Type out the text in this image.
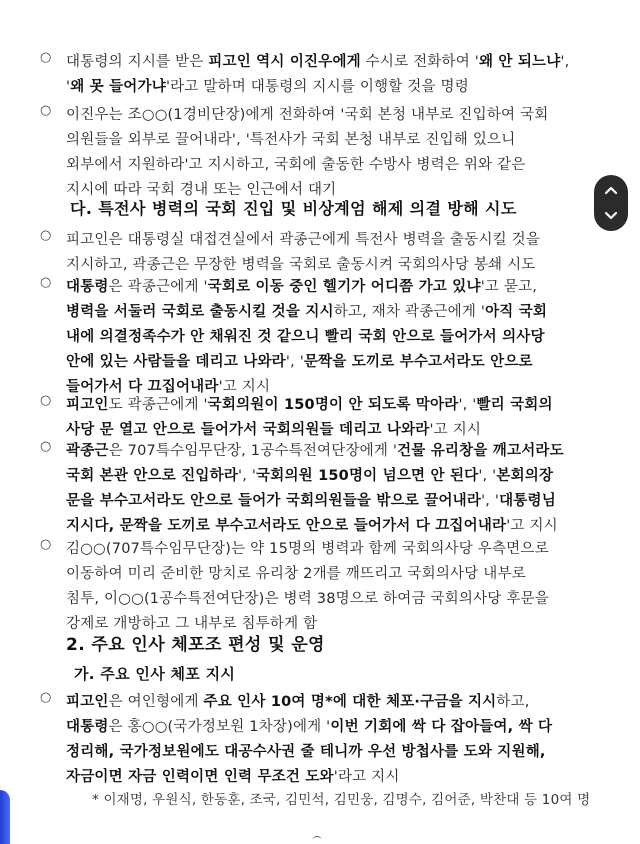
○ 대통령의 지시를 받은 피고인 역시 이진우에게 수시로 전화하여 '왜 안 되느냐',
'왜 못 들어가냐'라고 말하며 대통령의 지시를 이행할 것을 명령
○ 이진우는 조○○(1경비단장)에게 전화하여 '국회 본청 내부로 진입하여 국회
의원들을 외부로 끌어내라', '특전사가 국회 본청 내부로 진입해 있으니
외부에서 지원하라'고 지시하고, 국회에 출동한 수방사 병력은 위와 같은
지시에 따라 국회 경내 또는 인근에서 대기
다. 특전사 병력의 국회 진입 및 비상계엄 해제 의결 방해 시도
○ 피고인은 대통령실 대접견실에서 곽종근에게 특전사 병력을 출동시킬 것을
지시하고, 곽종근은 무장한 병력을 국회로 출동시켜 국회의사당 봉쇄 시도
○ 대통령은 곽종근에게 '국회로 이동 중인 헬기가 어디쯤 가고 있냐'고 묻고,
병력을 서둘러 국회로 출동시킬 것을 지시하고, 재차 곽종근에게 '아직 국회
내에 의결정족수가 안 채워진 것 같으니 빨리 국회 안으로 들어가서 의사당
안에 있는 사람들을 데리고 나와라', '문짝을 도끼로 부수고서라도 안으로
들어가서 다 끄집어내라'고 지시
○ 피고인도 곽종근에게 '국회의원이 150명이 안 되도록 막아라', '빨리 국회의
사당 문 열고 안으로 들어가서 국회의원들 데리고 나와라'고 지시
○ 곽종근은 707특수임무단장, 1공수특전여단장에게 '건물 유리창을 깨고서라도
국회 본관 안으로 진입하라', '국회의원 150명이 넘으면 안 된다', '본회의장
문을 부수고서라도 안으로 들어가 국회의원들을 밖으로 끌어내라', '대통령님
지시다, 문짝을 도끼로 부수고서라도 안으로 들어가서 다 끄집어내라'고 지시
○ 김○○(707특수임무단장)는 약 15명의 병력과 함께 국회의사당 우측면으로
이동하여 미리 준비한 망치로 유리창 2개를 깨뜨리고 국회의사당 내부로
침투, 이○○(1공수특전여단장)은 병력 38명으로 하여금 국회의사당 후문을
강제로 개방하고 그 내부로 침투하게 함
2. 주요 인사 체포조 편성 및 운영
가. 주요 인사 체포 지시
○ 피고인은 여인형에게 주요 인사 10여 명*에 대한 체포·구금을 지시하고,
대통령은 홍○○(국가정보원 1차장)에게 '이번 기회에 싹 다 잡아들여, 싹 다
정리해, 국가정보원에도 대공수사권 줄 테니까 우선 방첩사를 도와 지원해,
자금이면 자금 인력이면 인력 무조건 도와'라고 지시
* 이재명, 우원식, 한동훈, 조국, 김민석, 김민웅, 김명수, 김어준, 박찬대 등 10여 명
